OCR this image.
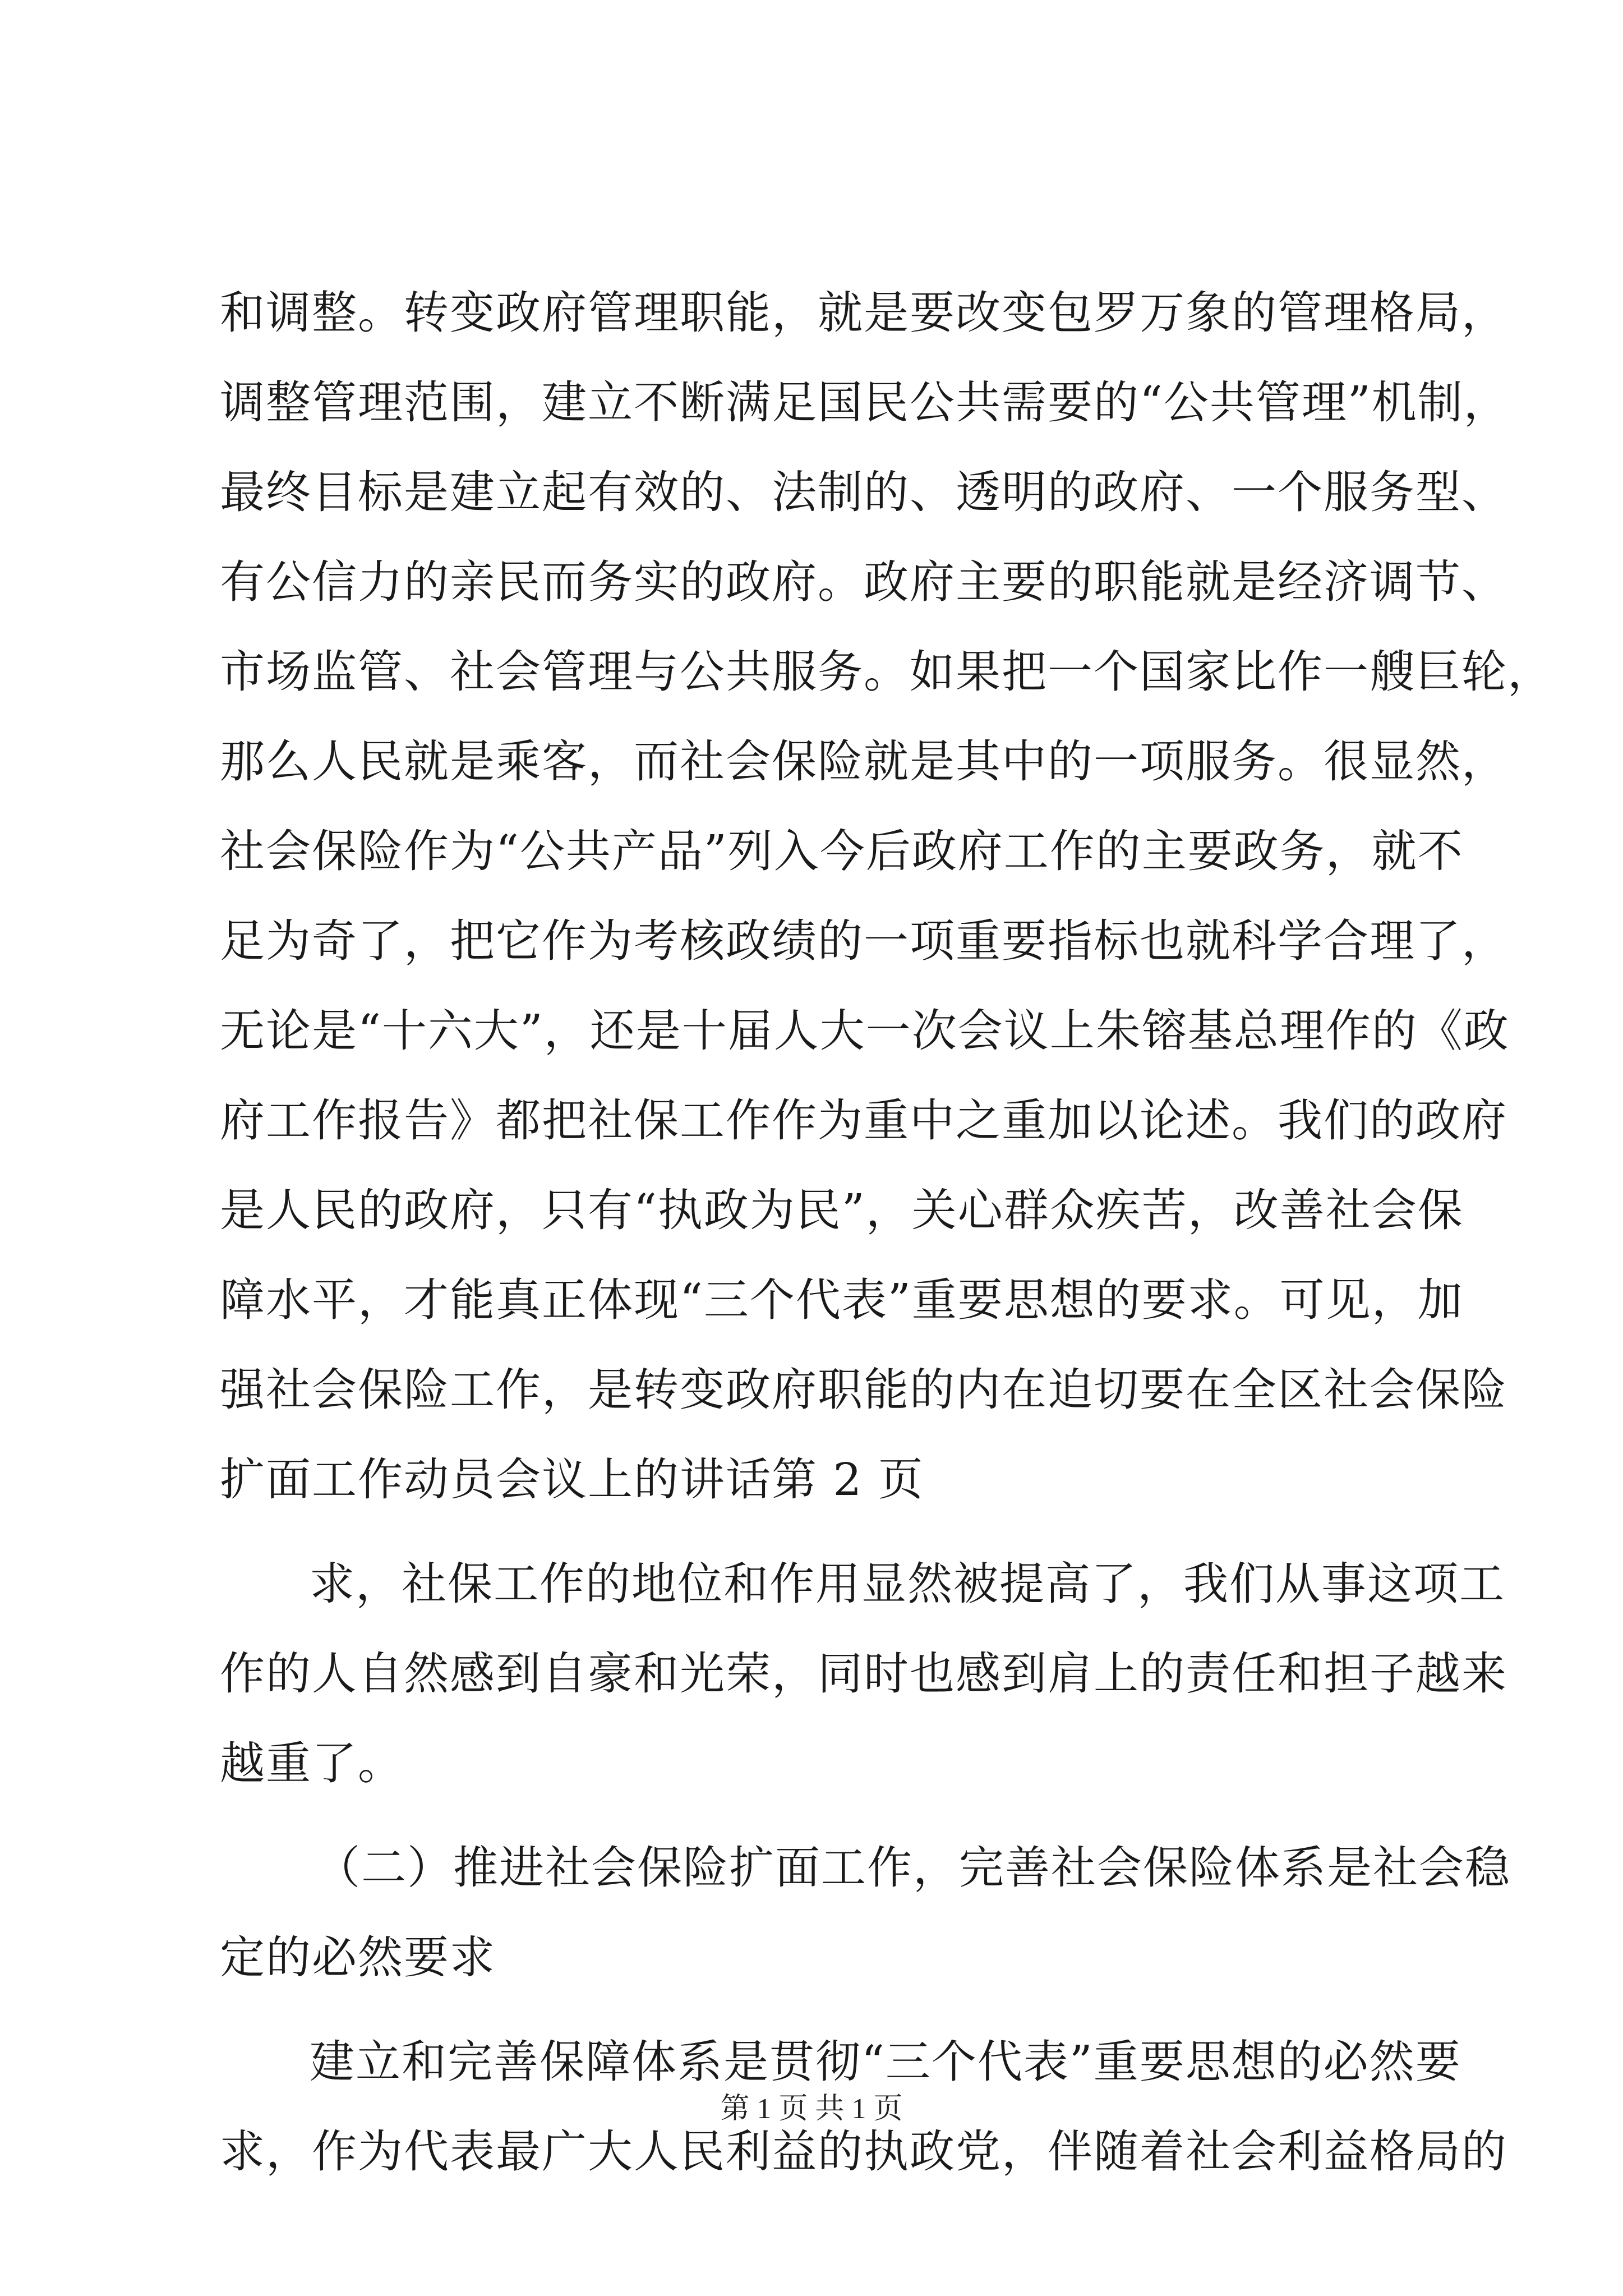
和调整。转变政府管理职能，就是要改变包罗万象的管理格局，
调整管理范围，建立不断满足国民公共需要的“公共管理”机制，
最终目标是建立起有效的、法制的、透明的政府、一个服务型、
有公信力的亲民而务实的政府。政府主要的职能就是经济调节、
市场监管、社会管理与公共服务。如果把一个国家比作一艘巨轮，
那么人民就是乘客，而社会保险就是其中的一项服务。很显然，
社会保险作为“公共产品”列入今后政府工作的主要政务，就不
足为奇了，把它作为考核政绩的一项重要指标也就科学合理了，
无论是“十六大”，还是十届人大一次会议上朱镕基总理作的《政
府工作报告》都把社保工作作为重中之重加以论述。我们的政府
是人民的政府，只有“执政为民”，关心群众疾苦，改善社会保
障水平，才能真正体现“三个代表”重要思想的要求。可见，加
强社会保险工作，是转变政府职能的内在迫切要在全区社会保险
扩面工作动员会议上的讲话第 2 页
求，社保工作的地位和作用显然被提高了，我们从事这项工
作的人自然感到自豪和光荣，同时也感到肩上的责任和担子越来
越重了。
（二）推进社会保险扩面工作，完善社会保险体系是社会稳
定的必然要求
建立和完善保障体系是贯彻“三个代表”重要思想的必然要
求，作为代表最广大人民利益的执政党，伴随着社会利益格局的
第 1 页 共 1 页
